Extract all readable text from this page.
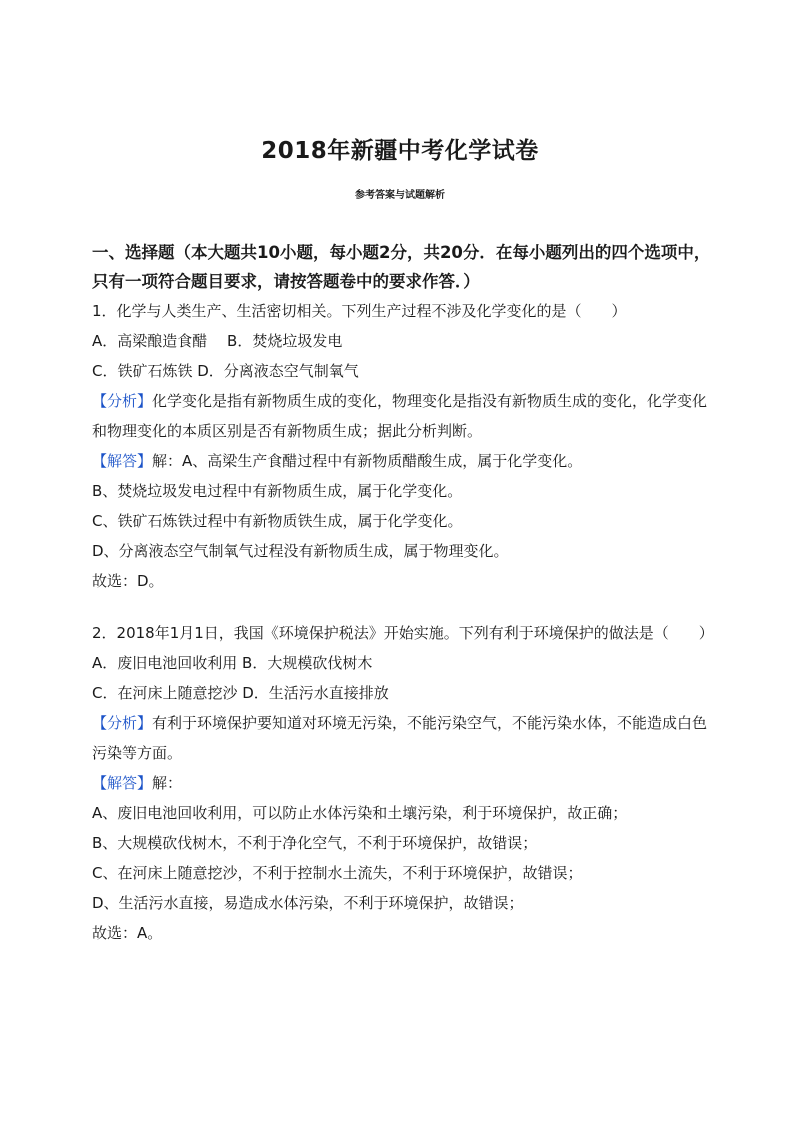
2018年新疆中考化学试卷
参考答案与试题解析

一、选择题（本大题共10小题，每小题2分，共20分．在每小题列出的四个选项中，只有一项符合题目要求，请按答题卷中的要求作答．）

1．化学与人类生产、生活密切相关。下列生产过程不涉及化学变化的是（　　）

A．高梁酿造食醋　 B．焚烧垃圾发电

C．铁矿石炼铁 D．分离液态空气制氧气

【分析】化学变化是指有新物质生成的变化，物理变化是指没有新物质生成的变化，化学变化和物理变化的本质区别是否有新物质生成；据此分析判断。

【解答】解：A、高梁生产食醋过程中有新物质醋酸生成，属于化学变化。

B、焚烧垃圾发电过程中有新物质生成，属于化学变化。

C、铁矿石炼铁过程中有新物质铁生成，属于化学变化。

D、分离液态空气制氧气过程没有新物质生成，属于物理变化。

故选：D。

2．2018年1月1日，我国《环境保护税法》开始实施。下列有利于环境保护的做法是（　　）

A．废旧电池回收利用 B．大规模砍伐树木

C．在河床上随意挖沙 D．生活污水直接排放

【分析】有利于环境保护要知道对环境无污染，不能污染空气，不能污染水体，不能造成白色污染等方面。

【解答】解：

A、废旧电池回收利用，可以防止水体污染和土壤污染，利于环境保护，故正确；

B、大规模砍伐树木，不利于净化空气，不利于环境保护，故错误；

C、在河床上随意挖沙，不利于控制水土流失，不利于环境保护，故错误；

D、生活污水直接，易造成水体污染，不利于环境保护，故错误；

故选：A。
